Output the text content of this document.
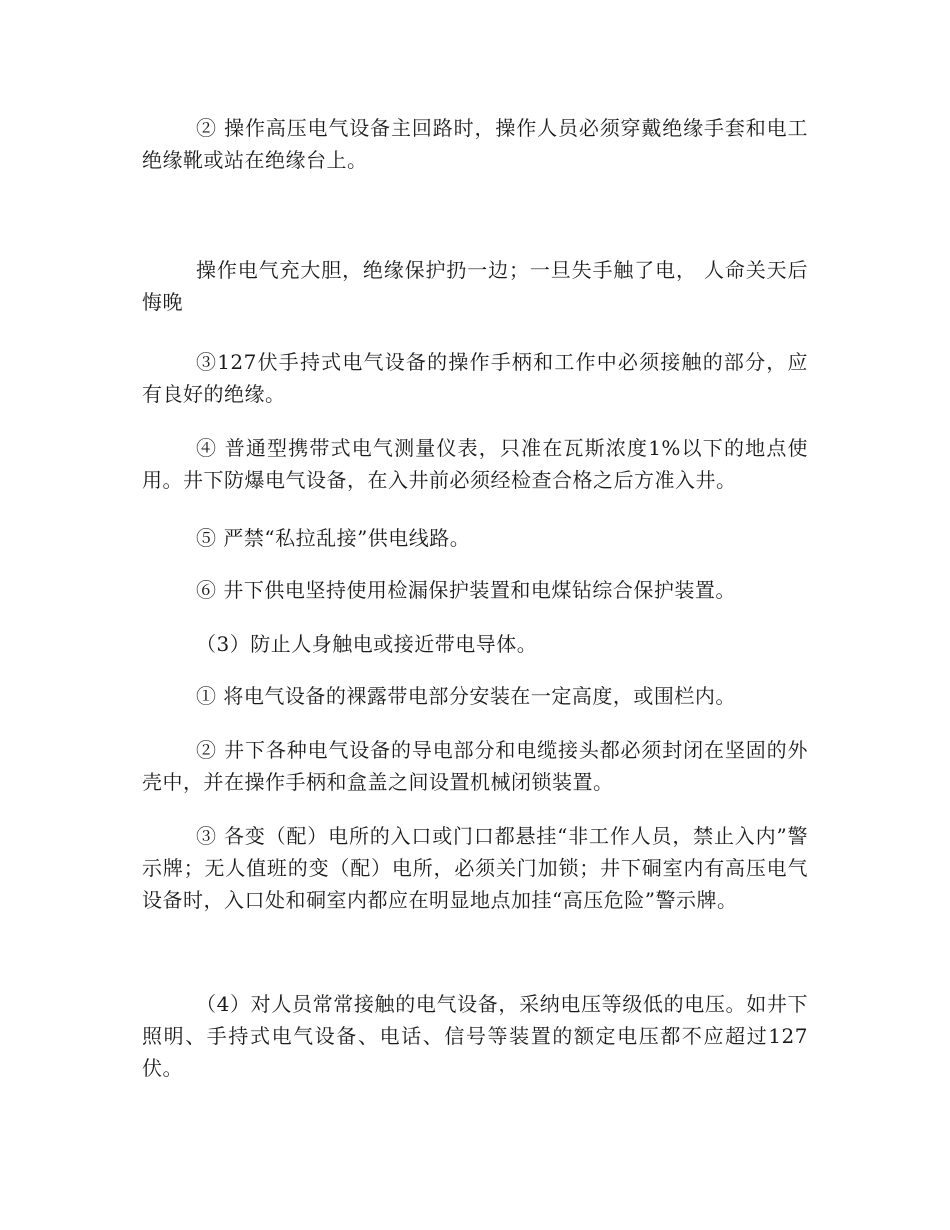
② 操作高压电气设备主回路时，操作人员必须穿戴绝缘手套和电工绝缘靴或站在绝缘台上。

操作电气充大胆，绝缘保护扔一边；一旦失手触了电， 人命关天后悔晚

③127伏手持式电气设备的操作手柄和工作中必须接触的部分，应有良好的绝缘。

④ 普通型携带式电气测量仪表，只准在瓦斯浓度1%以下的地点使用。井下防爆电气设备，在入井前必须经检查合格之后方准入井。

⑤ 严禁“私拉乱接”供电线路。

⑥ 井下供电坚持使用检漏保护装置和电煤钻综合保护装置。

（3）防止人身触电或接近带电导体。

① 将电气设备的裸露带电部分安装在一定高度，或围栏内。

② 井下各种电气设备的导电部分和电缆接头都必须封闭在坚固的外壳中，并在操作手柄和盒盖之间设置机械闭锁装置。

③ 各变（配）电所的入口或门口都悬挂“非工作人员，禁止入内”警示牌；无人值班的变（配）电所，必须关门加锁；井下硐室内有高压电气设备时，入口处和硐室内都应在明显地点加挂“高压危险”警示牌。

（4）对人员常常接触的电气设备，采纳电压等级低的电压。如井下照明、手持式电气设备、电话、信号等装置的额定电压都不应超过127伏。
